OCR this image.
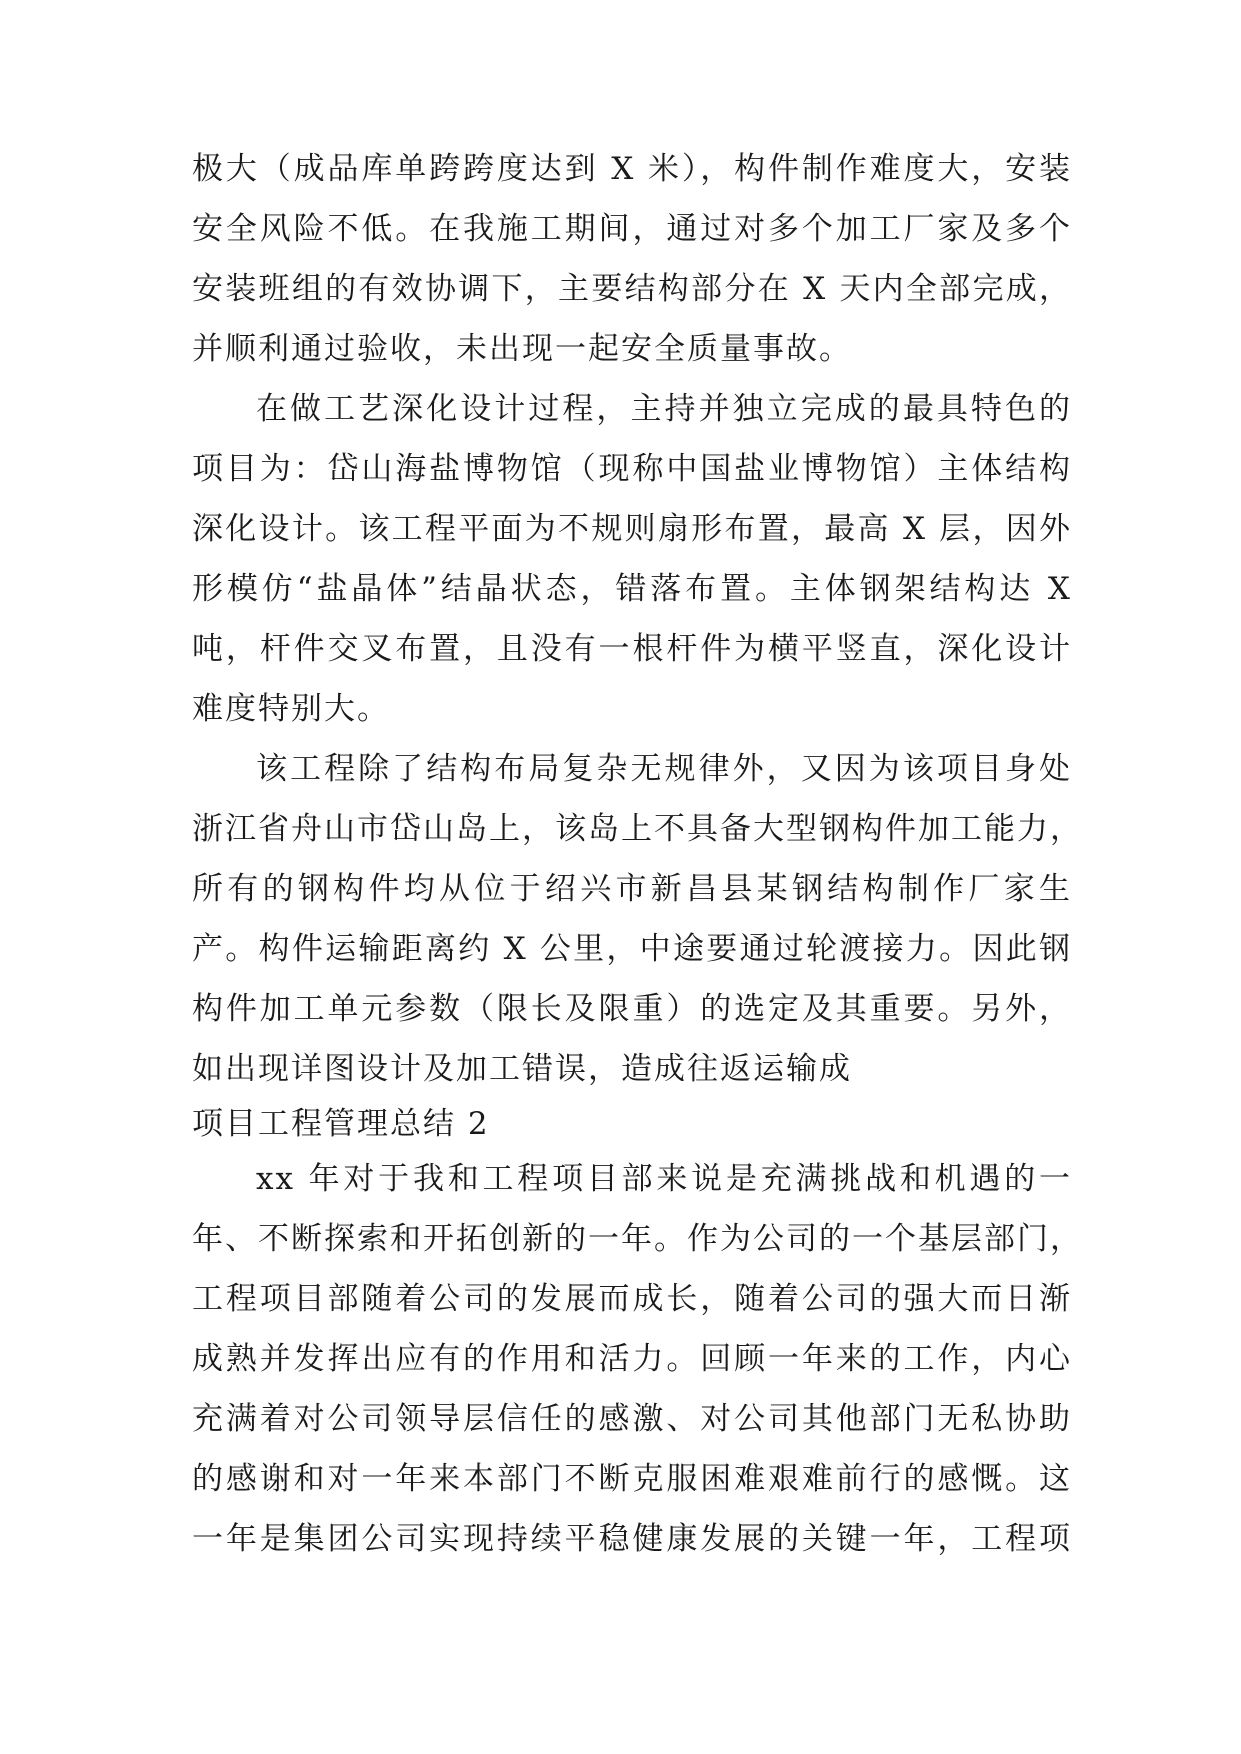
极大（成品库单跨跨度达到 X 米），构件制作难度大，安装
安全风险不低。在我施工期间，通过对多个加工厂家及多个
安装班组的有效协调下，主要结构部分在 X 天内全部完成，
并顺利通过验收，未出现一起安全质量事故。
在做工艺深化设计过程，主持并独立完成的最具特色的
项目为：岱山海盐博物馆（现称中国盐业博物馆）主体结构
深化设计。该工程平面为不规则扇形布置，最高 X 层，因外
形模仿“盐晶体”结晶状态，错落布置。主体钢架结构达 X
吨，杆件交叉布置，且没有一根杆件为横平竖直，深化设计
难度特别大。
该工程除了结构布局复杂无规律外，又因为该项目身处
浙江省舟山市岱山岛上，该岛上不具备大型钢构件加工能力，
所有的钢构件均从位于绍兴市新昌县某钢结构制作厂家生
产。构件运输距离约 X 公里，中途要通过轮渡接力。因此钢
构件加工单元参数（限长及限重）的选定及其重要。另外，
如出现详图设计及加工错误，造成往返运输成
项目工程管理总结 2
xx 年对于我和工程项目部来说是充满挑战和机遇的一
年、不断探索和开拓创新的一年。作为公司的一个基层部门，
工程项目部随着公司的发展而成长，随着公司的强大而日渐
成熟并发挥出应有的作用和活力。回顾一年来的工作，内心
充满着对公司领导层信任的感激、对公司其他部门无私协助
的感谢和对一年来本部门不断克服困难艰难前行的感慨。这
一年是集团公司实现持续平稳健康发展的关键一年，工程项
